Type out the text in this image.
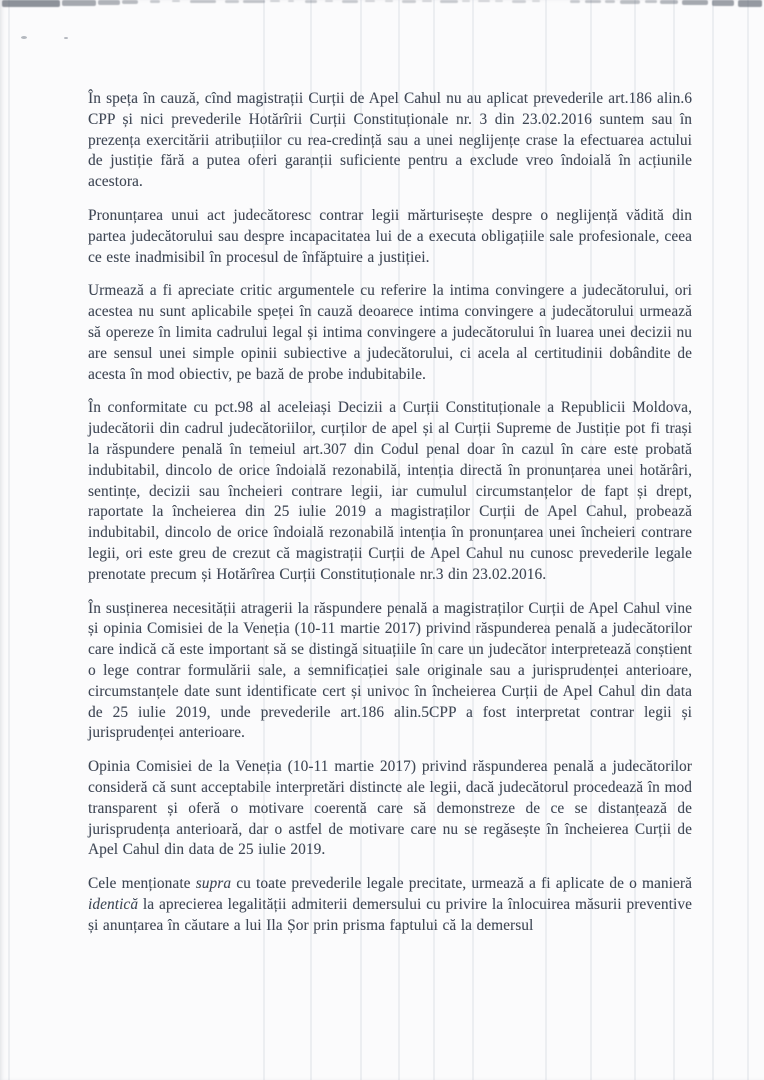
În speța în cauză, cînd magistrații Curții de Apel Cahul nu au aplicat prevederile art.186 alin.6 CPP și nici prevederile Hotărîrii Curții Constituționale nr. 3 din 23.02.2016 suntem sau în prezența exercitării atribuțiilor cu rea-credință sau a unei neglijențe crase la efectuarea actului de justiție fără a putea oferi garanții suficiente pentru a exclude vreo îndoială în acțiunile acestora.

Pronunțarea unui act judecătoresc contrar legii mărturisește despre o neglijență vădită din partea judecătorului sau despre incapacitatea lui de a executa obligațiile sale profesionale, ceea ce este inadmisibil în procesul de înfăptuire a justiției.

Urmează a fi apreciate critic argumentele cu referire la intima convingere a judecătorului, ori acestea nu sunt aplicabile speței în cauză deoarece intima convingere a judecătorului urmează să opereze în limita cadrului legal și intima convingere a judecătorului în luarea unei decizii nu are sensul unei simple opinii subiective a judecătorului, ci acela al certitudinii dobândite de acesta în mod obiectiv, pe bază de probe indubitabile.

În conformitate cu pct.98 al aceleiași Decizii a Curții Constituționale a Republicii Moldova, judecătorii din cadrul judecătoriilor, curților de apel și al Curții Supreme de Justiție pot fi trași la răspundere penală în temeiul art.307 din Codul penal doar în cazul în care este probată indubitabil, dincolo de orice îndoială rezonabilă, intenția directă în pronunțarea unei hotărâri, sentințe, decizii sau încheieri contrare legii, iar cumulul circumstanțelor de fapt și drept, raportate la încheierea din 25 iulie 2019 a magistraților Curții de Apel Cahul, probează indubitabil, dincolo de orice îndoială rezonabilă intenția în pronunțarea unei încheieri contrare legii, ori este greu de crezut că magistrații Curții de Apel Cahul nu cunosc prevederile legale prenotate precum și Hotărîrea Curții Constituționale nr.3 din 23.02.2016.

În susținerea necesității atragerii la răspundere penală a magistraților Curții de Apel Cahul vine și opinia Comisiei de la Veneția (10-11 martie 2017) privind răspunderea penală a judecătorilor care indică că este important să se distingă situațiile în care un judecător interpretează conștient o lege contrar formulării sale, a semnificației sale originale sau a jurisprudenței anterioare, circumstanțele date sunt identificate cert și univoc în încheierea Curții de Apel Cahul din data de 25 iulie 2019, unde prevederile art.186 alin.5CPP a fost interpretat contrar legii și jurisprudenței anterioare.

Opinia Comisiei de la Veneția (10-11 martie 2017) privind răspunderea penală a judecătorilor consideră că sunt acceptabile interpretări distincte ale legii, dacă judecătorul procedează în mod transparent și oferă o motivare coerentă care să demonstreze de ce se distanțează de jurisprudența anterioară, dar o astfel de motivare care nu se regăsește în încheierea Curții de Apel Cahul din data de 25 iulie 2019.

Cele menționate supra cu toate prevederile legale precitate, urmează a fi aplicate de o manieră identică la aprecierea legalității admiterii demersului cu privire la înlocuirea măsurii preventive și anunțarea în căutare a lui Ila Șor prin prisma faptului că la demersul
